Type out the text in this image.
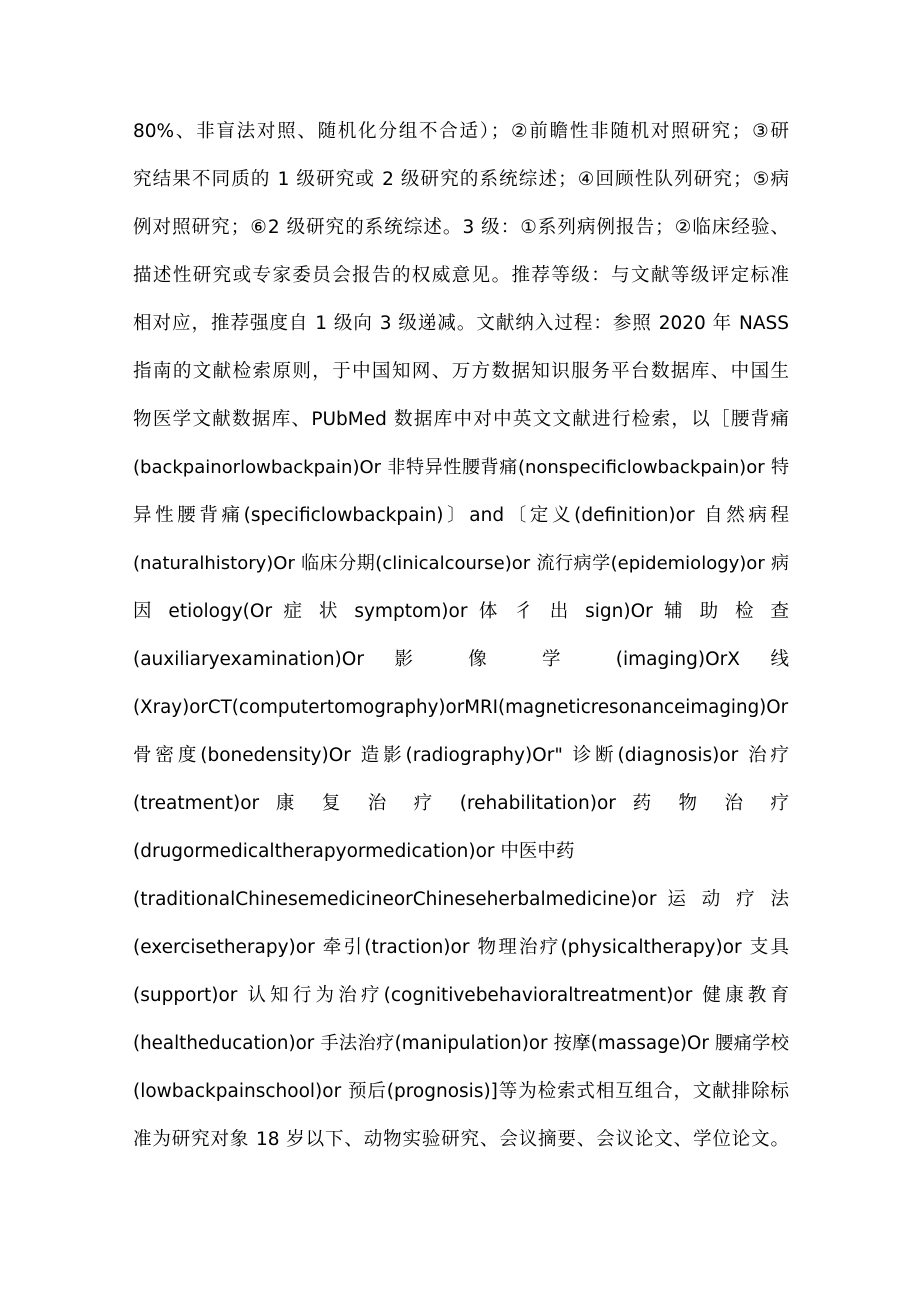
80%、非盲法对照、随机化分组不合适）；②前瞻性非随机对照研究；③研
究结果不同质的 1 级研究或 2 级研究的系统综述；④回顾性队列研究；⑤病
例对照研究；⑥2 级研究的系统综述。3 级：①系列病例报告；②临床经验、
描述性研究或专家委员会报告的权威意见。推荐等级：与文献等级评定标准
相对应，推荐强度自 1 级向 3 级递减。文献纳入过程：参照 2020 年 NASS
指南的文献检索原则，于中国知网、万方数据知识服务平台数据库、中国生
物医学文献数据库、PUbMed 数据库中对中英文文献进行检索，以［腰背痛
(backpainorlowbackpain)Or 非特异性腰背痛(nonspecificlowbackpain)or 特
异性腰背痛(specificlowbackpain)〕and〔定义(definition)or 自然病程
(naturalhistory)Or 临床分期(clinicalcourse)or 流行病学(epidemiology)or 病
因 etiology(Or 症 状 symptom)or 体 彳 出 sign)Or 辅 助 检 查
(auxiliaryexamination)Or 影 像 学 (imaging)OrX 线
(Xray)orCT(computertomography)orMRI(magneticresonanceimaging)Or
骨密度(bonedensity)Or 造影(radiography)Or" 诊断(diagnosis)or 治疗
(treatment)or 康 复 治 疗 (rehabilitation)or 药 物 治 疗
(drugormedicaltherapyormedication)or 中医中药
(traditionalChinesemedicineorChineseherbalmedicine)or 运 动 疗 法
(exercisetherapy)or 牵引(traction)or 物理治疗(physicaltherapy)or 支具
(support)or 认知行为治疗(cognitivebehavioraltreatment)or 健康教育
(healtheducation)or 手法治疗(manipulation)or 按摩(massage)Or 腰痛学校
(lowbackpainschool)or 预后(prognosis)]等为检索式相互组合，文献排除标
准为研究对象 18 岁以下、动物实验研究、会议摘要、会议论文、学位论文。
